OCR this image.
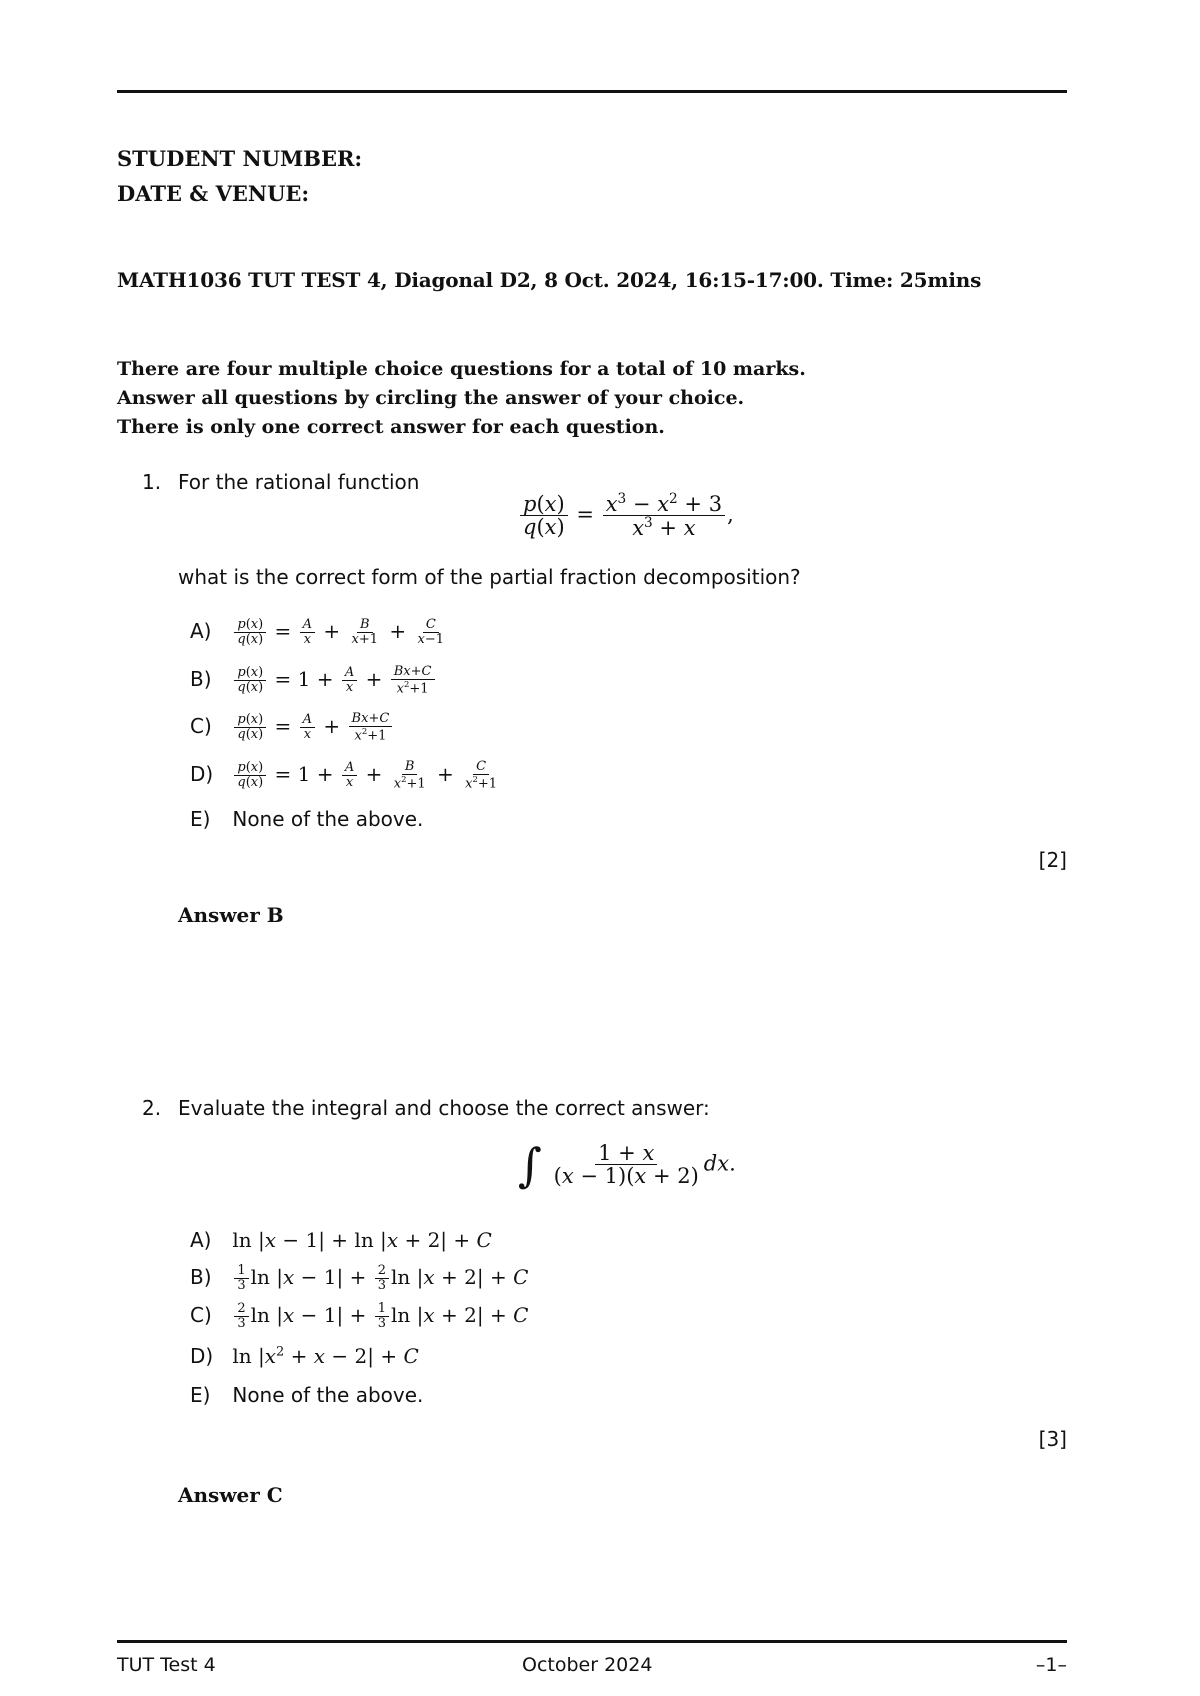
STUDENT NUMBER:
DATE & VENUE:
MATH1036 TUT TEST 4, Diagonal D2, 8 Oct. 2024, 16:15-17:00. Time: 25mins
There are four multiple choice questions for a total of 10 marks.
Answer all questions by circling the answer of your choice.
There is only one correct answer for each question.
1. For the rational function
$\frac{p(x)}{q(x)} = \frac{x^3 - x^2 + 3}{x^3 + x}$ ,
what is the correct form of the partial fraction decomposition?
$A) \frac{p(x)}{q(x)} = \frac{A}{x} + \frac{B}{x+1} + \frac{C}{x-1}$
$B) \frac{p(x)}{q(x)} = 1 + \frac{A}{x} + \frac{Bx+C}{x^2+1}$
$C) \frac{p(x)}{q(x)} = \frac{A}{x} + \frac{Bx+C}{x^2+1}$
$D) \frac{p(x)}{q(x)} = 1 + \frac{A}{x} + \frac{B}{x^2+1} + \frac{C}{x^2+1}$
E) None of the above.
[2]
Answer B
2. Evaluate the integral and choose the correct answer:
∫ $\frac{1 + x}{(x - 1)(x + 2)}$ dx.
A) ln |x − 1| + ln |x + 2| + C
$B) \frac{1}{3}$ $\ln |x - 1| + \frac{2}{3}$ ln |x + 2| + C
$C) \frac{2}{3}$ $\ln |x - 1| + \frac{1}{3}$ ln |x + 2| + C
D) $\ln |x^2 + x - 2| + C$
E) None of the above.
[3]
Answer C
TUT Test 4	October 2024	–1–
